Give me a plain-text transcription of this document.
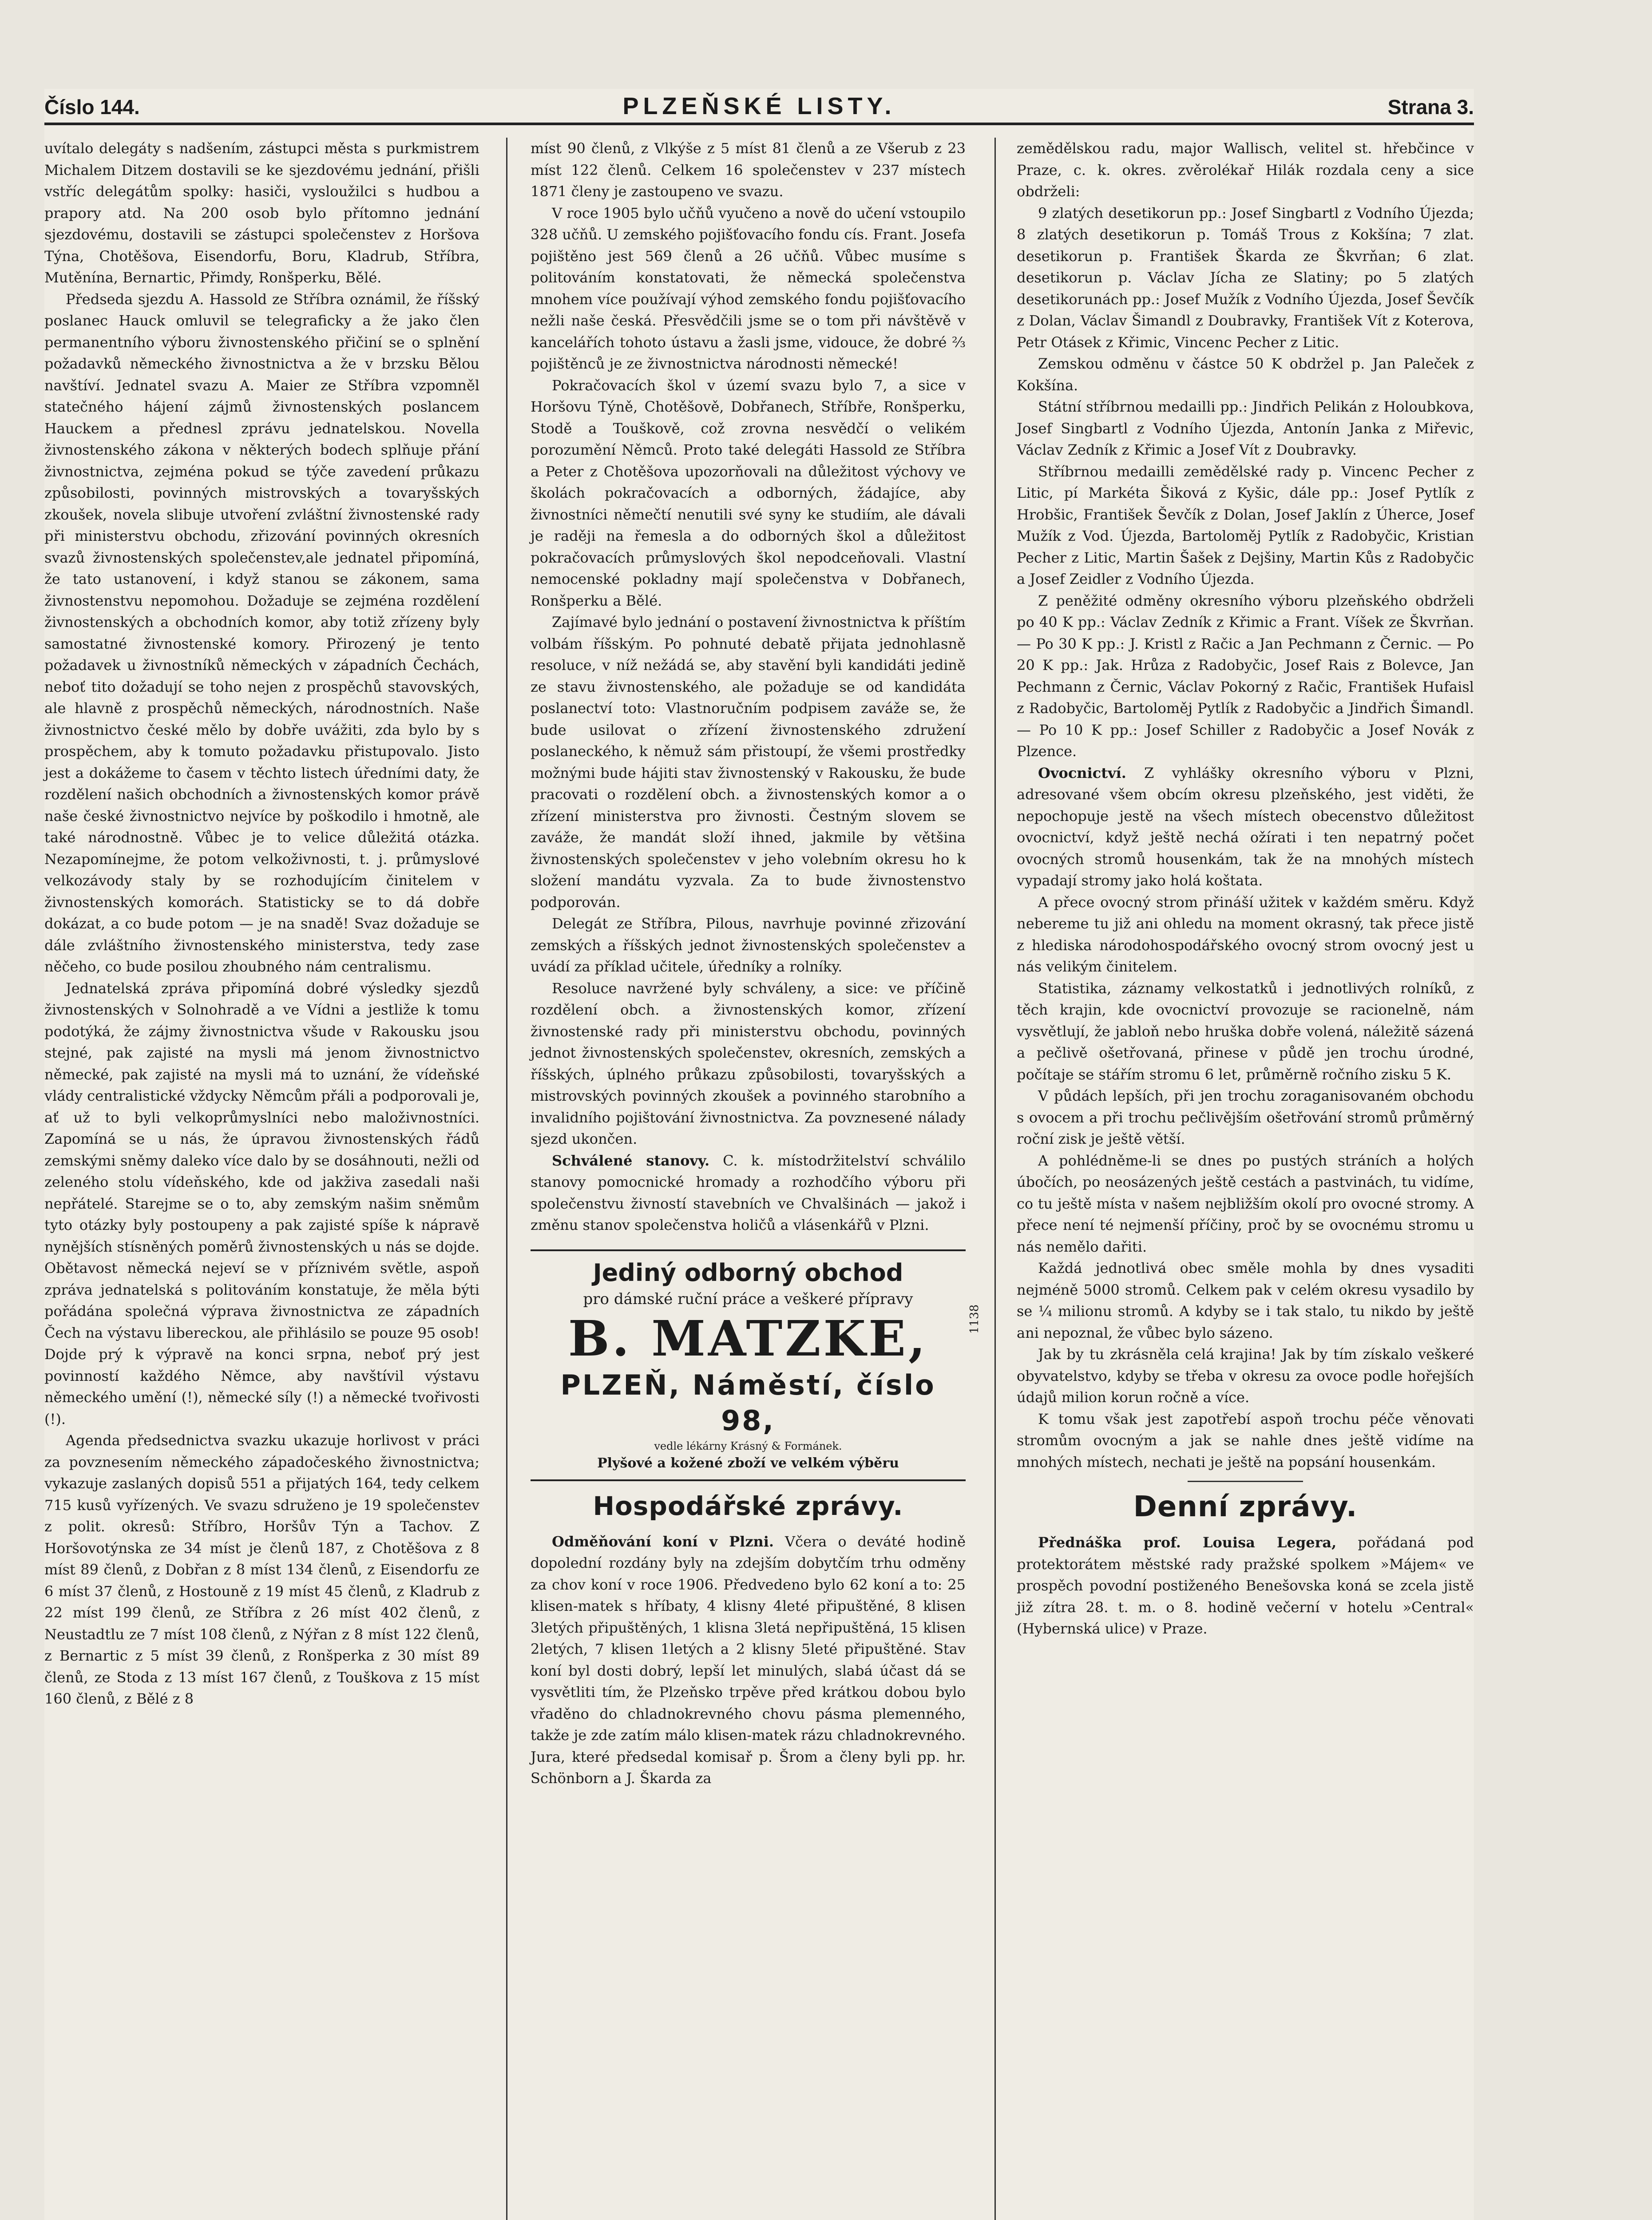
Číslo 144.	PLZEŇSKÉ LISTY.	Strana 3.

uvítalo delegáty s nadšením, zástupci města s purkmistrem Michalem Ditzem dostavili se ke sjezdovému jednání, přišli vstříc delegátům spolky: hasiči, vysloužilci s hudbou a prapory atd. Na 200 osob bylo přítomno jednání sjezdovému, dostavili se zástupci společenstev z Horšova Týna, Chotěšova, Eisendorfu, Boru, Kladrub, Stříbra, Mutěnína, Bernartic, Přimdy, Ronšperku, Bělé.

Předseda sjezdu A. Hassold ze Stříbra oznámil, že říšský poslanec Hauck omluvil se telegraficky a že jako člen permanentního výboru živnostenského přičiní se o splnění požadavků německého živnostnictva a že v brzsku Bělou navštíví. Jednatel svazu A. Maier ze Stříbra vzpomněl statečného hájení zájmů živnostenských poslancem Hauckem a přednesl zprávu jednatelskou. Novella živnostenského zákona v některých bodech splňuje přání živnostnictva, zejména pokud se týče zavedení průkazu způsobilosti, povinných mistrovských a tovaryšských zkoušek, novela slibuje utvoření zvláštní živnostenské rady při ministerstvu obchodu, zřizování povinných okresních svazů živnostenských společenstev,ale jednatel připomíná, že tato ustanovení, i když stanou se zákonem, sama živnostenstvu nepomohou. Dožaduje se zejména rozdělení živnostenských a obchodních komor, aby totiž zřízeny byly samostatné živnostenské komory. Přirozený je tento požadavek u živnostníků německých v západních Čechách, neboť tito dožadují se toho nejen z prospěchů stavovských, ale hlavně z prospěchů německých, národnostních. Naše živnostnictvo české mělo by dobře uvážiti, zda bylo by s prospěchem, aby k tomuto požadavku přistupovalo. Jisto jest a dokážeme to časem v těchto listech úředními daty, že rozdělení našich obchodních a živnostenských komor právě naše české živnostnictvo nejvíce by poškodilo i hmotně, ale také národnostně. Vůbec je to velice důležitá otázka. Nezapomínejme, že potom velkoživnosti, t. j. průmyslové velkozávody staly by se rozhodujícím činitelem v živnostenských komorách. Statisticky se to dá dobře dokázat, a co bude potom — je na snadě! Svaz dožaduje se dále zvláštního živnostenského ministerstva, tedy zase něčeho, co bude posilou zhoubného nám centralismu.

Jednatelská zpráva připomíná dobré výsledky sjezdů živnostenských v Solnohradě a ve Vídni a jestliže k tomu podotýká, že zájmy živnostnictva všude v Rakousku jsou stejné, pak zajisté na mysli má jenom živnostnictvo německé, pak zajisté na mysli má to uznání, že vídeňské vlády centralistické vždycky Němcům přáli a podporovali je, ať už to byli velkoprůmyslníci nebo maloživnostníci. Zapomíná se u nás, že úpravou živnostenských řádů zemskými sněmy daleko více dalo by se dosáhnouti, nežli od zeleného stolu vídeňského, kde od jakživa zasedali naši nepřátelé. Starejme se o to, aby zemským našim sněmům tyto otázky byly postoupeny a pak zajisté spíše k nápravě nynějších stísněných poměrů živnostenských u nás se dojde. Obětavost německá nejeví se v příznivém světle, aspoň zpráva jednatelská s politováním konstatuje, že měla býti pořádána společná výprava živnostnictva ze západních Čech na výstavu libereckou, ale přihlásilo se pouze 95 osob! Dojde prý k výpravě na konci srpna, neboť prý jest povinností každého Němce, aby navštívil výstavu německého umění (!), německé síly (!) a německé tvořivosti (!).

Agenda předsednictva svazku ukazuje horlivost v práci za povznesením německého západočeského živnostnictva; vykazuje zaslaných dopisů 551 a přijatých 164, tedy celkem 715 kusů vyřízených. Ve svazu sdruženo je 19 společenstev z polit. okresů: Stříbro, Horšův Týn a Tachov. Z Horšovotýnska ze 34 míst je členů 187, z Chotěšova z 8 míst 89 členů, z Dobřan z 8 míst 134 členů, z Eisendorfu ze 6 míst 37 členů, z Hostouně z 19 míst 45 členů, z Kladrub z 22 míst 199 členů, ze Stříbra z 26 míst 402 členů, z Neustadtlu ze 7 míst 108 členů, z Nýřan z 8 míst 122 členů, z Bernartic z 5 míst 39 členů, z Ronšperka z 30 míst 89 členů, ze Stoda z 13 míst 167 členů, z Touškova z 15 míst 160 členů, z Bělé z 8

míst 90 členů, z Vlkýše z 5 míst 81 členů a ze Všerub z 23 míst 122 členů. Celkem 16 společenstev v 237 místech 1871 členy je zastoupeno ve svazu.

V roce 1905 bylo učňů vyučeno a nově do učení vstoupilo 328 učňů. U zemského pojišťovacího fondu cís. Frant. Josefa pojištěno jest 569 členů a 26 učňů. Vůbec musíme s politováním konstatovati, že německá společenstva mnohem více používají výhod zemského fondu pojišťovacího nežli naše česká. Přesvědčili jsme se o tom při návštěvě v kancelářích tohoto ústavu a žasli jsme, vidouce, že dobré ⅔ pojištěnců je ze živnostnictva národnosti německé!

Pokračovacích škol v území svazu bylo 7, a sice v Horšovu Týně, Chotěšově, Dobřanech, Stříbře, Ronšperku, Stodě a Touškově, což zrovna nesvědčí o velikém porozumění Němců. Proto také delegáti Hassold ze Stříbra a Peter z Chotěšova upozorňovali na důležitost výchovy ve školách pokračovacích a odborných, žádajíce, aby živnostníci němečtí nenutili své syny ke studiím, ale dávali je raději na řemesla a do odborných škol a důležitost pokračovacích průmyslových škol nepodceňovali. Vlastní nemocenské pokladny mají společenstva v Dobřanech, Ronšperku a Bělé.

Zajímavé bylo jednání o postavení živnostnictva k příštím volbám říšským. Po pohnuté debatě přijata jednohlasně resoluce, v níž nežádá se, aby stavění byli kandidáti jedině ze stavu živnostenského, ale požaduje se od kandidáta poslanectví toto: Vlastnoručním podpisem zaváže se, že bude usilovat o zřízení živnostenského združení poslaneckého, k němuž sám přistoupí, že všemi prostředky možnými bude hájiti stav živnostenský v Rakousku, že bude pracovati o rozdělení obch. a živnostenských komor a o zřízení ministerstva pro živnosti. Čestným slovem se zaváže, že mandát složí ihned, jakmile by většina živnostenských společenstev v jeho volebním okresu ho k složení mandátu vyzvala. Za to bude živnostenstvo podporován.

Delegát ze Stříbra, Pilous, navrhuje povinné zřizování zemských a říšských jednot živnostenských společenstev a uvádí za příklad učitele, úředníky a rolníky.

Resoluce navržené byly schváleny, a sice: ve příčině rozdělení obch. a živnostenských komor, zřízení živnostenské rady při ministerstvu obchodu, povinných jednot živnostenských společenstev, okresních, zemských a říšských, úplného průkazu způsobilosti, tovaryšských a mistrovských povinných zkoušek a povinného starobního a invalidního pojištování živnostnictva. Za povznesené nálady sjezd ukončen.

Schválené stanovy. C. k. místodržitelství schválilo stanovy pomocnické hromady a rozhodčího výboru při společenstvu živností stavebních ve Chvalšinách — jakož i změnu stanov společenstva holičů a vlásenkářů v Plzni.

Jediný odborný obchod
pro dámské ruční práce a veškeré přípravy
B. MATZKE,
PLZEŇ, Náměstí, číslo 98,
vedle lékárny Krásný & Formánek.
Plyšové a kožené zboží ve velkém výběru
1138
Hospodářské zprávy.

Odměňování koní v Plzni. Včera o deváté hodině dopolední rozdány byly na zdejším dobytčím trhu odměny za chov koní v roce 1906. Předvedeno bylo 62 koní a to: 25 klisen-matek s hříbaty, 4 klisny 4leté připuštěné, 8 klisen 3letých připuštěných, 1 klisna 3letá nepřipuštěná, 15 klisen 2letých, 7 klisen 1letých a 2 klisny 5leté připuštěné. Stav koní byl dosti dobrý, lepší let minulých, slabá účast dá se vysvětliti tím, že Plzeňsko trpěve před krátkou dobou bylo vřaděno do chladnokrevného chovu pásma plemenného, takže je zde zatím málo klisen-matek rázu chladnokrevného. Jura, které předsedal komisař p. Šrom a členy byli pp. hr. Schönborn a J. Škarda za

zemědělskou radu, major Wallisch, velitel st. hřebčince v Praze, c. k. okres. zvěrolékař Hilák rozdala ceny a sice obdrželi:

9 zlatých desetikorun pp.: Josef Singbartl z Vodního Újezda; 8 zlatých desetikorun p. Tomáš Trous z Kokšína; 7 zlat. desetikorun p. František Škarda ze Škvrňan; 6 zlat. desetikorun p. Václav Jícha ze Slatiny; po 5 zlatých desetikorunách pp.: Josef Mužík z Vodního Újezda, Josef Ševčík z Dolan, Václav Šimandl z Doubravky, František Vít z Koterova, Petr Otásek z Křimic, Vincenc Pecher z Litic.

Zemskou odměnu v částce 50 K obdržel p. Jan Paleček z Kokšína.

Státní stříbrnou medailli pp.: Jindřich Pelikán z Holoubkova, Josef Singbartl z Vodního Újezda, Antonín Janka z Miřevic, Václav Zedník z Křimic a Josef Vít z Doubravky.

Stříbrnou medailli zemědělské rady p. Vincenc Pecher z Litic, pí Markéta Šiková z Kyšic, dále pp.: Josef Pytlík z Hrobšic, František Ševčík z Dolan, Josef Jaklín z Úherce, Josef Mužík z Vod. Újezda, Bartoloměj Pytlík z Radobyčic, Kristian Pecher z Litic, Martin Šašek z Dejšiny, Martin Kůs z Radobyčic a Josef Zeidler z Vodního Újezda.

Z peněžité odměny okresního výboru plzeňského obdrželi po 40 K pp.: Václav Zedník z Křimic a Frant. Víšek ze Škvrňan. — Po 30 K pp.: J. Kristl z Račic a Jan Pechmann z Černic. — Po 20 K pp.: Jak. Hrůza z Radobyčic, Josef Rais z Bolevce, Jan Pechmann z Černic, Václav Pokorný z Račic, František Hufaisl z Radobyčic, Bartoloměj Pytlík z Radobyčic a Jindřich Šimandl. — Po 10 K pp.: Josef Schiller z Radobyčic a Josef Novák z Plzence.

Ovocnictví. Z vyhlášky okresního výboru v Plzni, adresované všem obcím okresu plzeňského, jest viděti, že nepochopuje jestě na všech místech obecenstvo důležitost ovocnictví, když ještě nechá ožírati i ten nepatrný počet ovocných stromů housenkám, tak že na mnohých místech vypadají stromy jako holá koštata.

A přece ovocný strom přináší užitek v každém směru. Když nebereme tu již ani ohledu na moment okrasný, tak přece jistě z hlediska národohospodářského ovocný strom ovocný jest u nás velikým činitelem.

Statistika, záznamy velkostatků i jednotlivých rolníků, z těch krajin, kde ovocnictví provozuje se racionelně, nám vysvětlují, že jabloň nebo hruška dobře volená, náležitě sázená a pečlivě ošetřovaná, přinese v půdě jen trochu úrodné, počítaje se stářím stromu 6 let, průměrně ročního zisku 5 K.

V půdách lepších, při jen trochu zoraganisovaném obchodu s ovocem a při trochu pečlivějším ošetřování stromů průměrný roční zisk je ještě větší.

A pohlédněme-li se dnes po pustých stráních a holých úbočích, po neosázených ještě cestách a pastvinách, tu vidíme, co tu ještě místa v našem nejbližším okolí pro ovocné stromy. A přece není té nejmenší příčiny, proč by se ovocnému stromu u nás nemělo dařiti.

Každá jednotlivá obec směle mohla by dnes vysaditi nejméně 5000 stromů. Celkem pak v celém okresu vysadilo by se ¼ milionu stromů. A kdyby se i tak stalo, tu nikdo by ještě ani nepoznal, že vůbec bylo sázeno.

Jak by tu zkrásněla celá krajina! Jak by tím získalo veškeré obyvatelstvo, kdyby se třeba v okresu za ovoce podle hořejších údajů milion korun ročně a více.

K tomu však jest zapotřebí aspoň trochu péče věnovati stromům ovocným a jak se nahle dnes ještě vidíme na mnohých místech, nechati je ještě na popsání housenkám.

Denní zprávy.

Přednáška prof. Louisa Legera, pořádaná pod protektorátem městské rady pražské spolkem »Májem« ve prospěch povodní postiženého Benešovska koná se zcela jistě již zítra 28. t. m. o 8. hodině večerní v hotelu »Central« (Hybernská ulice) v Praze.
